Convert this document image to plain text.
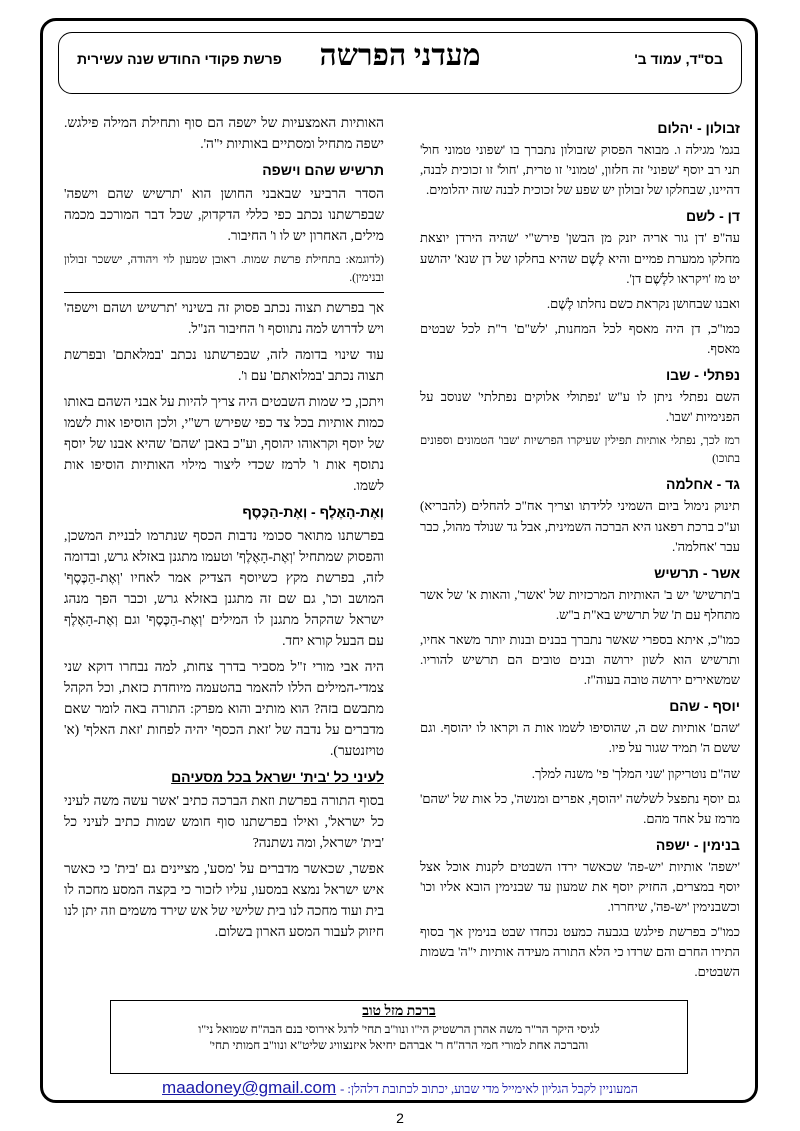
בס"ד, עמוד ב'
מעדני הפרשה
פרשת פקודי החודש שנה עשירית
זבולון - יהלום

בגמ' מגילה ו. מבואר הפסוק שזבולון נתברך בו 'שפוני טמוני חול' תני רב יוסף 'שפוני' זה חלזון, 'טמוני' זו טרית, 'חול' זו זכוכית לבנה, דהיינו, שבחלקו של זבולון יש שפע של זכוכית לבנה שזה יהלומים.

דן - לשם

עה"פ 'דן גור אריה יזנק מן הבשן' פירש"י 'שהיה הירדן יוצאת מחלקו ממערת פמיים והיא לֶשֶׁם שהיא בחלקו של דן שנא' יהושע יט מז 'ויקראו ללֶשֶׁם דן'.

ואבנו שבחושן נקראת כשם נחלתו לֶשֶׁם.

כמו"כ, דן היה מאסף לכל המחנות, 'לש"ם' ר"ת לכל שבטים מאסף.

נפתלי - שבו

השם נפתלי ניתן לו ע"ש 'נפתולי אלוקים נפתלתי' שנוסב על הפנימיות 'שבו'.

רמז לכך, נפתלי אותיות תפילין שעיקרו הפרשיות 'שבו' הטמונים וספונים בתוכו)

גד - אחלמה

תינוק נימול ביום השמיני ללידתו וצריך אח"כ להחלים (להבריא) וע"כ ברכת רפאנו היא הברכה השמינית, אבל גד שנולד מהול, כבר עבר 'אחלמה'.

אשר - תרשיש

ב'תרשיש' יש ב' האותיות המרכזיות של 'אשר', והאות א' של אשר מתחלף עם ת' של תרשיש בא"ת ב"ש.

כמו"כ, איתא בספרי שאשר נתברך בבנים ובנות יותר משאר אחיו, ותרשיש הוא לשון ירושה ובנים טובים הם תרשיש להוריו. שמשאירים ירושה טובה בעוה"ז.

יוסף - שהם

'שהם' אותיות שם ה, שהוסיפו לשמו אות ה וקראו לו יהוסף. וגם ששם ה' תמיד שגור על פיו.

שה"ם נוטריקון 'שני המלך' פי' משנה למלך.

גם יוסף נתפצל לשלשה 'יהוסף, אפרים ומנשה', כל אות של 'שהם' מרמז על אחד מהם.

בנימין - ישפה

'ישפה' אותיות 'יש-פה' שכאשר ירדו השבטים לקנות אוכל אצל יוסף במצרים, החזיק יוסף את שמעון עד שבנימין הובא אליו וכו' וכשבנימין 'יש-פה', שיחררו.

כמו"כ בפרשת פילגש בגבעה כמעט נכחדו שבט בנימין אך בסוף התירו החרם והם שרדו כי הלא התורה מעידה אותיות י"ה' בשמות השבטים.

האותיות האמצעיות של ישפה הם סוף ותחילת המילה פילגש. ישפה מתחיל ומסתיים באותיות י"ה'.

תרשיש שהם וישפה

הסדר הרביעי שבאבני החושן הוא 'תרשיש שהם וישפה' שבפרשתנו נכתב כפי כללי הדקדוק, שכל דבר המורכב מכמה מילים, האחרון יש לו ו' החיבור.

(לדוגמא: בתחילת פרשת שמות. ראובן שמעון לוי ויהודה, יששכר זבולון ובנימין).

אך בפרשת תצוה נכתב פסוק זה בשינוי 'תרשיש ושהם וישפה' ויש לדרוש למה נתווסף ו' החיבור הנ"ל.

עוד שינוי בדומה לזה, שבפרשתנו נכתב 'במלאתם' ובפרשת תצוה נכתב 'במלואתם' עם ו'.

ויתכן, כי שמות השבטים היה צריך להיות על אבני השהם באותו כמות אותיות בכל צד כפי שפירש רש"י, ולכן הוסיפו אות לשמו של יוסף וקראוהו יהוסף, וע"כ באבן 'שהם' שהיא אבנו של יוסף נתוסף אות ו' לרמז שכדי ליצור מילוי האותיות הוסיפו אות לשמו.

וְאֶת-הָאֶלֶף - וְאֶת-הַכֶּסֶף

בפרשתנו מתואר סכומי נדבות הכסף שנתרמו לבניית המשכן, והפסוק שמתחיל 'וְאֶת-הָאֶלֶף' וטעמו מתגנן באזלא גרש, ובדומה לזה, בפרשת מקץ כשיוסף הצדיק אמר לאחיו 'וְאֶת-הַכֶּסֶף' המושב וכו', גם שם זה מתגנן באזלא גרש, וכבר הפך מנהג ישראל שהקהל מתגנן לו המילים 'וְאֶת-הַכֶּסֶף' וגם וְאֶת-הָאֶלֶף עם הבעל קורא יחד.

היה אבי מורי ז"ל מסביר בדרך צחות, למה נבחרו דוקא שני צמדי-המילים הללו להאמר בהטעמה מיוחדת כזאת, וכל הקהל מתבשם בזה? הוא מותיב והוא מפרק: התורה באה לומר שאם מדברים על נדבה של 'זאת הכסף' יהיה לפחות 'זאת האלף' (א' טויזנטער).

לעיני כל 'בית' ישראל בכל מסעיהם

בסוף התורה בפרשת וזאת הברכה כתיב 'אשר עשה משה לעיני כל ישראל', ואילו בפרשתנו סוף חומש שמות כתיב לעיני כל 'בית' ישראל, ומה נשתנה?

אפשר, שכאשר מדברים על 'מסע', מציינים גם 'בית' כי כאשר איש ישראל נמצא במסעו, עליו לזכור כי בקצה המסע מחכה לו בית ועוד מחכה לנו בית שלישי של אש שירד משמים וזה יתן לנו חיזוק לעבור המסע הארון בשלום.

ברכת מזל טוב
לגיסי היקר הר"ר משה אהרן הרשטיק הי"ו ונוו"ב תחי' לרגל אירוסי בנם הבה"ח שמואל ני"ו
והברכה אחת למורי חמי הרה"ח ר' אברהם יחיאל איזנצוויג שליט"א ונוו"ב חמותי תחי'
המעוניין לקבל הגליון לאימייל מדי שבוע, יכתוב לכתובת דלהלן: - maadoney@gmail.com
2
